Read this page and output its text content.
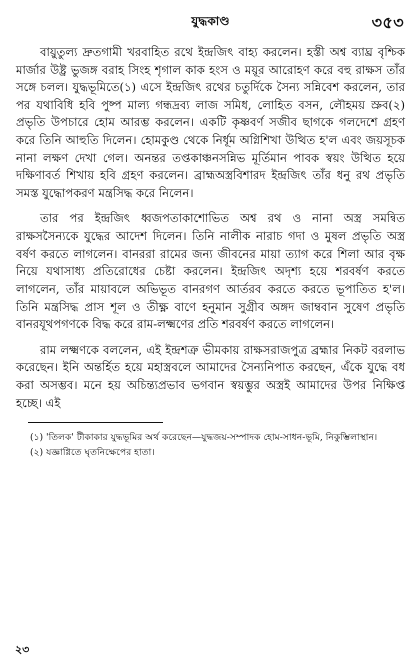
যুদ্ধকাণ্ড	৩৫৩

বায়ুতুল্য দ্রুতগামী খরবাহিত রথে ইন্দ্রজিৎ বাহ্য করলেন। হস্তী অশ্ব ব্যাঘ্র বৃশ্চিক মার্জার উষ্ট্র ভুজঙ্গ বরাহ সিংহ শৃগাল কাক হংস ও ময়ূর আরোহণ করে বহু রাক্ষস তাঁর সঙ্গে চলল। যুদ্ধভূমিতে(১) এসে ইন্দ্রজিৎ রথের চতুর্দিকে সৈন্য সন্নিবেশ করলেন, তার পর যথাবিধি হবি পুষ্প মাল্য গন্ধদ্রব্য লাজ সমিধ, লোহিত বসন, লৌহময় স্রুব(২) প্রভৃতি উপচারে হোম আরম্ভ করলেন। একটি কৃষ্ণবর্ণ সজীব ছাগকে গলদেশে গ্রহণ করে তিনি আহুতি দিলেন। হোমকুণ্ড থেকে নির্ধূম অগ্নিশিখা উত্থিত হ'ল এবং জয়সূচক নানা লক্ষণ দেখা গেল। অনন্তর তপ্তকাঞ্চনসন্নিভ মূর্তিমান পাবক স্বয়ং উত্থিত হয়ে দক্ষিণাবর্ত শিখায় হবি গ্রহণ করলেন। ব্রাহ্মঅস্ত্রবিশারদ ইন্দ্রজিৎ তাঁর ধনু রথ প্রভৃতি সমস্ত যুদ্ধোপকরণ মন্ত্রসিদ্ধ করে নিলেন।

তার পর ইন্দ্রজিৎ ধ্বজপতাকাশোভিত অশ্ব রথ ও নানা অস্ত্র সমন্বিত রাক্ষসসৈন্যকে যুদ্ধের আদেশ দিলেন। তিনি নালীক নারাচ গদা ও মুষল প্রভৃতি অস্ত্র বর্ষণ করতে লাগলেন। বানররা রামের জন্য জীবনের মায়া ত্যাগ করে শিলা আর বৃক্ষ নিয়ে যথাসাধ্য প্রতিরোধের চেষ্টা করলেন। ইন্দ্রজিৎ অদৃশ্য হয়ে শরবর্ষণ করতে লাগলেন, তাঁর মায়াবলে অভিভূত বানরগণ আর্তরব করতে করতে ভূপাতিত হ'ল। তিনি মন্ত্রসিদ্ধ প্রাস শূল ও তীক্ষ্ণ বাণে হনুমান সুগ্রীব অঙ্গদ জাম্ববান সুষেণ প্রভৃতি বানরযূথপগণকে বিদ্ধ করে রাম-লক্ষ্মণের প্রতি শরবর্ষণ করতে লাগলেন।

রাম লক্ষ্মণকে বললেন, এই ইন্দ্রশত্রু ভীমকায় রাক্ষসরাজপুত্র ব্রহ্মার নিকট বরলাভ করেছেন। ইনি অন্তর্হিত হয়ে মহাস্ত্রবলে আমাদের সৈন্যনিপাত করছেন, এঁকে যুদ্ধে বধ করা অসম্ভব। মনে হয় অচিন্ত্যপ্রভাব ভগবান স্বয়ম্ভুর অস্ত্রই আমাদের উপর নিক্ষিপ্ত হচ্ছে। এই

(১) 'তিলক' টীকাকার যুদ্ধভূমির অর্থ করেছেন—যুদ্ধজয়-সম্পাদক হোম-সাধন-ভূমি, নিকুম্ভিলাস্থান।

(২) যজ্ঞাগ্নিতে ঘৃতনিক্ষেপের হাতা।

২৩
